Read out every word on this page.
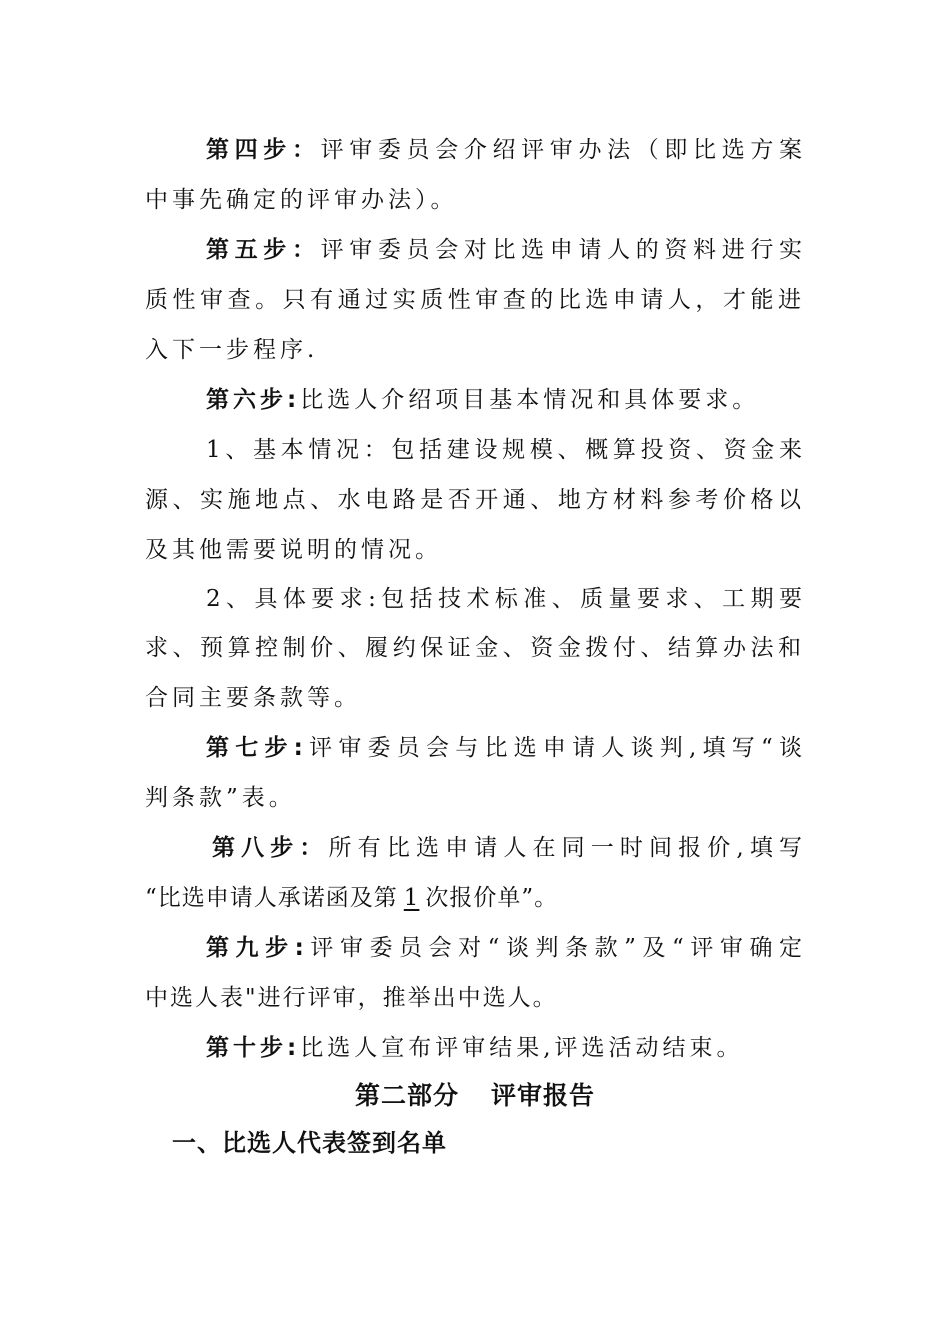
第四步：评审委员会介绍评审办法（即比选方案
中事先确定的评审办法）。
第五步：评审委员会对比选申请人的资料进行实
质性审查。只有通过实质性审查的比选申请人，才能进
入下一步程序.
第六步:比选人介绍项目基本情况和具体要求。
1、基本情况：包括建设规模、概算投资、资金来
源、实施地点、水电路是否开通、地方材料参考价格以
及其他需要说明的情况。
2、具体要求:包括技术标准、质量要求、工期要
求、预算控制价、履约保证金、资金拨付、结算办法和
合同主要条款等。
第七步:评审委员会与比选申请人谈判,填写“谈
判条款”表。
第八步：所有比选申请人在同一时间报价,填写
“比选申请人承诺函及第 1 次报价单”。
第九步:评审委员会对“谈判条款”及“评审确定
中选人表"进行评审，推举出中选人。
第十步:比选人宣布评审结果,评选活动结束。
第二部分 评审报告
一、比选人代表签到名单
